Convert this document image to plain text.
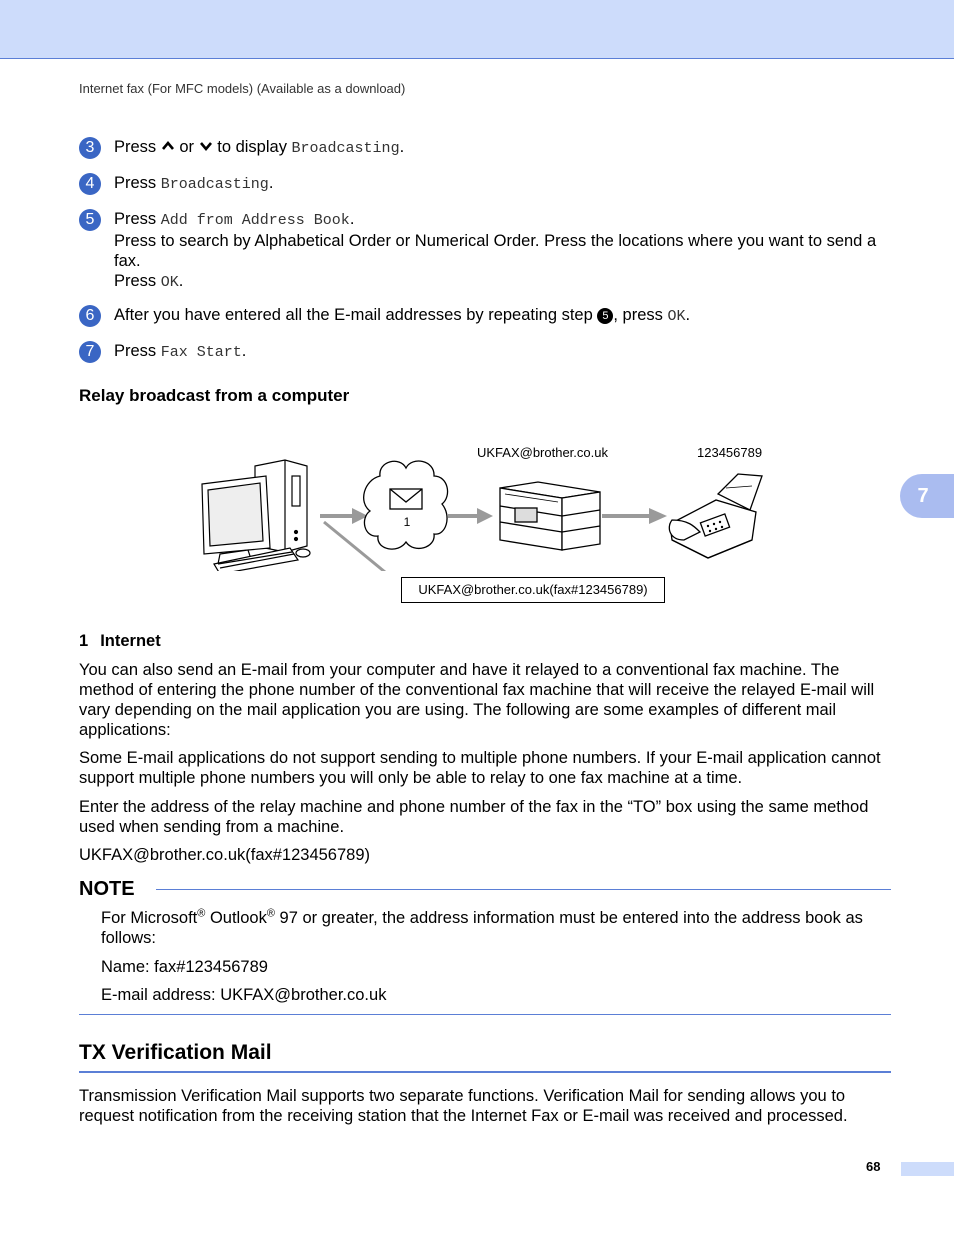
Internet fax (For MFC models) (Available as a download)
3	Press or to display Broadcasting.
4	Press Broadcasting.
5	Press Add from Address Book.
Press to search by Alphabetical Order or Numerical Order. Press the locations where you want to send a fax.
Press OK.
6	After you have entered all the E-mail addresses by repeating step 5 , press OK.
7	Press Fax Start.
Relay broadcast from a computer
UKFAX@brother.co.uk	123456789
1
UKFAX@brother.co.uk(fax#123456789)
1 Internet
You can also send an E-mail from your computer and have it relayed to a conventional fax machine. The method of entering the phone number of the conventional fax machine that will receive the relayed E-mail will vary depending on the mail application you are using. The following are some examples of different mail applications:
Some E-mail applications do not support sending to multiple phone numbers. If your E-mail application cannot support multiple phone numbers you will only be able to relay to one fax machine at a time.
Enter the address of the relay machine and phone number of the fax in the “TO” box using the same method used when sending from a machine.
UKFAX@brother.co.uk(fax#123456789)
NOTE
For Microsoft® Outlook® 97 or greater, the address information must be entered into the address book as follows:
Name: fax#123456789
E-mail address: UKFAX@brother.co.uk
TX Verification Mail
Transmission Verification Mail supports two separate functions. Verification Mail for sending allows you to request notification from the receiving station that the Internet Fax or E-mail was received and processed.
7
68
